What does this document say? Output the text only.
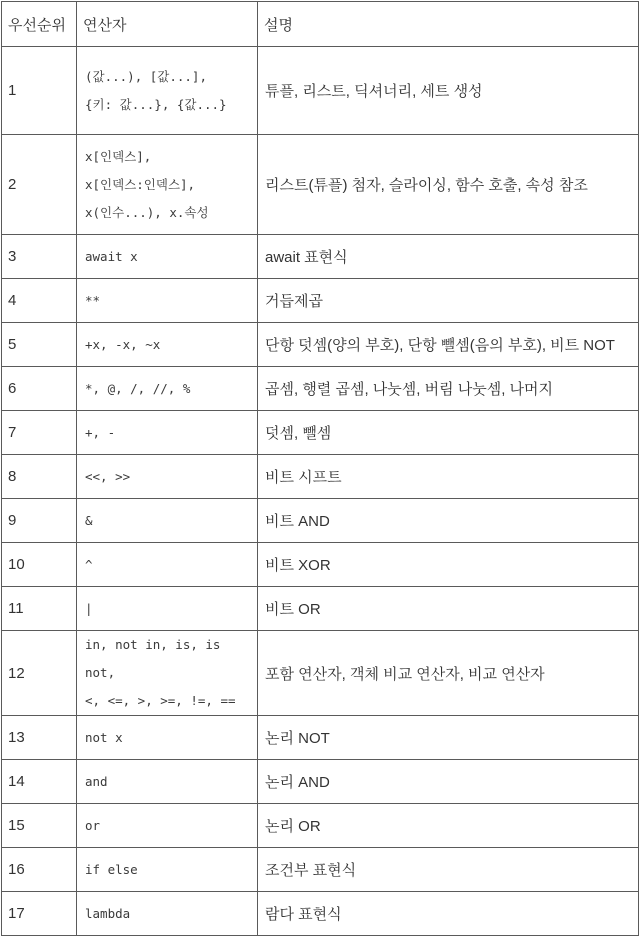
우선순위	연산자	설명
1	(값...), [값...],
{키: 값...}, {값...}	튜플, 리스트, 딕셔너리, 세트 생성
2	x[인덱스],
x[인덱스:인덱스],
x(인수...), x.속성	리스트(튜플) 첨자, 슬라이싱, 함수 호출, 속성 참조
3	await x	await 표현식
4	**	거듭제곱
5	+x, -x, ~x	단항 덧셈(양의 부호), 단항 뺄셈(음의 부호), 비트 NOT
6	*, @, /, //, %	곱셈, 행렬 곱셈, 나눗셈, 버림 나눗셈, 나머지
7	+, -	덧셈, 뺄셈
8	<<, >>	비트 시프트
9	&	비트 AND
10	^	비트 XOR
11	|	비트 OR
12	in, not in, is, is not,
<, <=, >, >=, !=, ==	포함 연산자, 객체 비교 연산자, 비교 연산자
13	not x	논리 NOT
14	and	논리 AND
15	or	논리 OR
16	if else	조건부 표현식
17	lambda	람다 표현식
